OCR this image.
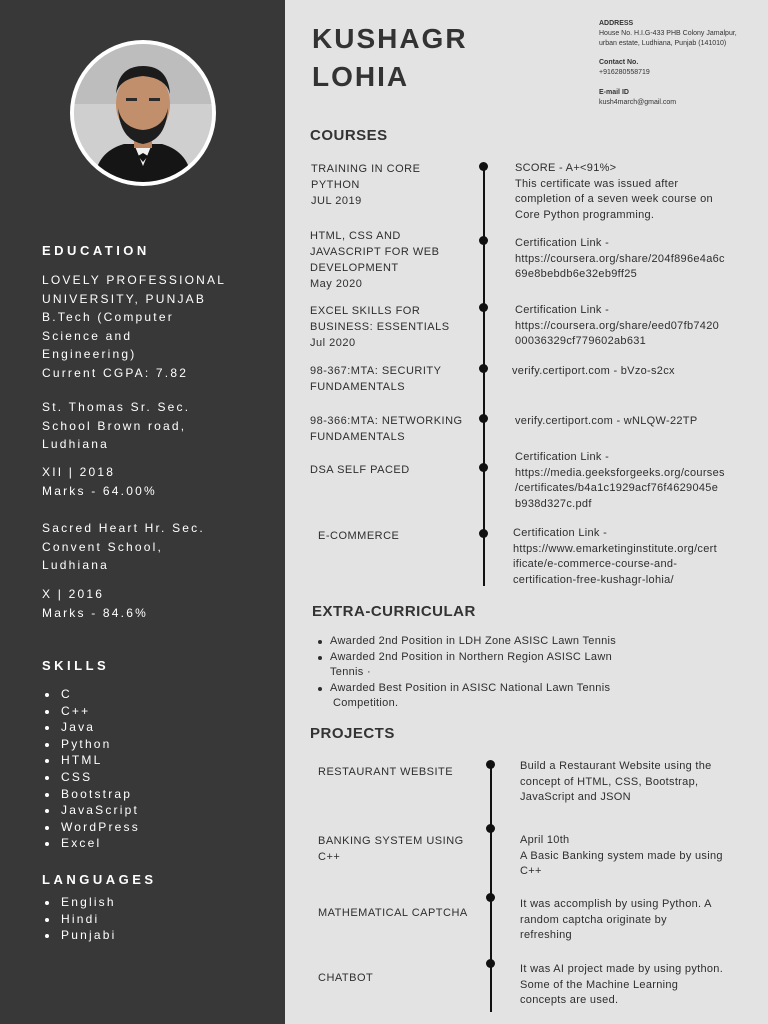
EDUCATION
LOVELY PROFESSIONAL
UNIVERSITY, PUNJAB
B.Tech (Computer
Science and
Engineering)
Current CGPA: 7.82
St. Thomas Sr. Sec.
School Brown road,
Ludhiana
XII | 2018
Marks - 64.00%
Sacred Heart Hr. Sec.
Convent School,
Ludhiana
X | 2016
Marks - 84.6%
SKILLS
C
C++
Java
Python
HTML
CSS
Bootstrap
JavaScript
WordPress
Excel
LANGUAGES
English
Hindi
Punjabi
KUSHAGR
LOHIA
ADDRESS
House No. H.I.G-433 PHB Colony Jamalpur,
urban estate, Ludhiana, Punjab (141010)
Contact No.
+916280558719
E-mail ID
kush4march@gmail.com
COURSES
TRAINING IN CORE
PYTHON
JUL 2019
SCORE - A+<91%>
This certificate was issued after
completion of a seven week course on
Core Python programming.
HTML, CSS AND
JAVASCRIPT FOR WEB
DEVELOPMENT
May 2020
Certification Link -
https://coursera.org/share/204f896e4a6c
69e8bebdb6e32eb9ff25
EXCEL SKILLS FOR
BUSINESS: ESSENTIALS
Jul 2020
Certification Link -
https://coursera.org/share/eed07fb7420
00036329cf779602ab631
98-367:MTA: SECURITY
FUNDAMENTALS
verify.certiport.com - bVzo-s2cx
98-366:MTA: NETWORKING
FUNDAMENTALS
verify.certiport.com - wNLQW-22TP
DSA SELF PACED
Certification Link -
https://media.geeksforgeeks.org/courses
/certificates/b4a1c1929acf76f4629045e
b938d327c.pdf
E-COMMERCE	Certification Link -
https://www.emarketinginstitute.org/cert
ificate/e-commerce-course-and-
certification-free-kushagr-lohia/
EXTRA-CURRICULAR
Awarded 2nd Position in LDH Zone ASISC Lawn Tennis
Awarded 2nd Position in Northern Region ASISC Lawn
Tennis ·
Awarded Best Position in ASISC National Lawn Tennis
Competition.
PROJECTS
RESTAURANT WEBSITE	Build a Restaurant Website using the
concept of HTML, CSS, Bootstrap,
JavaScript and JSON
BANKING SYSTEM USING
C++
April 10th
A Basic Banking system made by using
C++
MATHEMATICAL CAPTCHA
It was accomplish by using Python. A
random captcha originate by
refreshing
CHATBOT
It was AI project made by using python.
Some of the Machine Learning
concepts are used.
